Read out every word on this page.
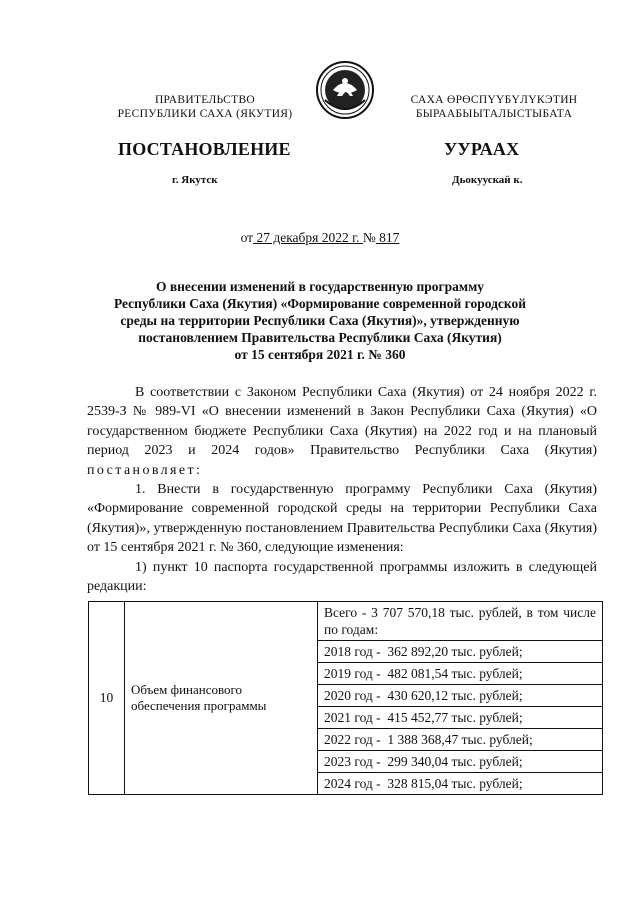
ПРАВИТЕЛЬСТВО
РЕСПУБЛИКИ САХА (ЯКУТИЯ)
САХА ӨРӨСПҮҮБҮЛҮКЭТИН
БЫРААБЫЫТАЛЫСТЫБАТА
ПОСТАНОВЛЕНИЕ	УУРААХ
г. Якутск	Дьокуускай к.
от 27 декабря 2022 г. № 817
О внесении изменений в государственную программу
Республики Саха (Якутия) «Формирование современной городской
среды на территории Республики Саха (Якутия)», утвержденную
постановлением Правительства Республики Саха (Якутия)
от 15 сентября 2021 г. № 360

В соответствии с Законом Республики Саха (Якутия) от 24 ноября 2022 г. 2539-З № 989-VI «О внесении изменений в Закон Республики Саха (Якутия) «О государственном бюджете Республики Саха (Якутия) на 2022 год и на плановый период 2023 и 2024 годов» Правительство Республики Саха (Якутия) постановляет:

1. Внести в государственную программу Республики Саха (Якутия) «Формирование современной городской среды на территории Республики Саха (Якутия)», утвержденную постановлением Правительства Республики Саха (Якутия) от 15 сентября 2021 г. № 360, следующие изменения:

1) пункт 10 паспорта государственной программы изложить в следующей редакции:

10	Объем финансового обеспечения программы	
Всего - 3 707 570,18 тыс. рублей, в том числе по годам:
2018 год - 362 892,20 тыс. рублей;
2019 год - 482 081,54 тыс. рублей;
2020 год - 430 620,12 тыс. рублей;
2021 год - 415 452,77 тыс. рублей;
2022 год - 1 388 368,47 тыс. рублей;
2023 год - 299 340,04 тыс. рублей;
2024 год - 328 815,04 тыс. рублей;
